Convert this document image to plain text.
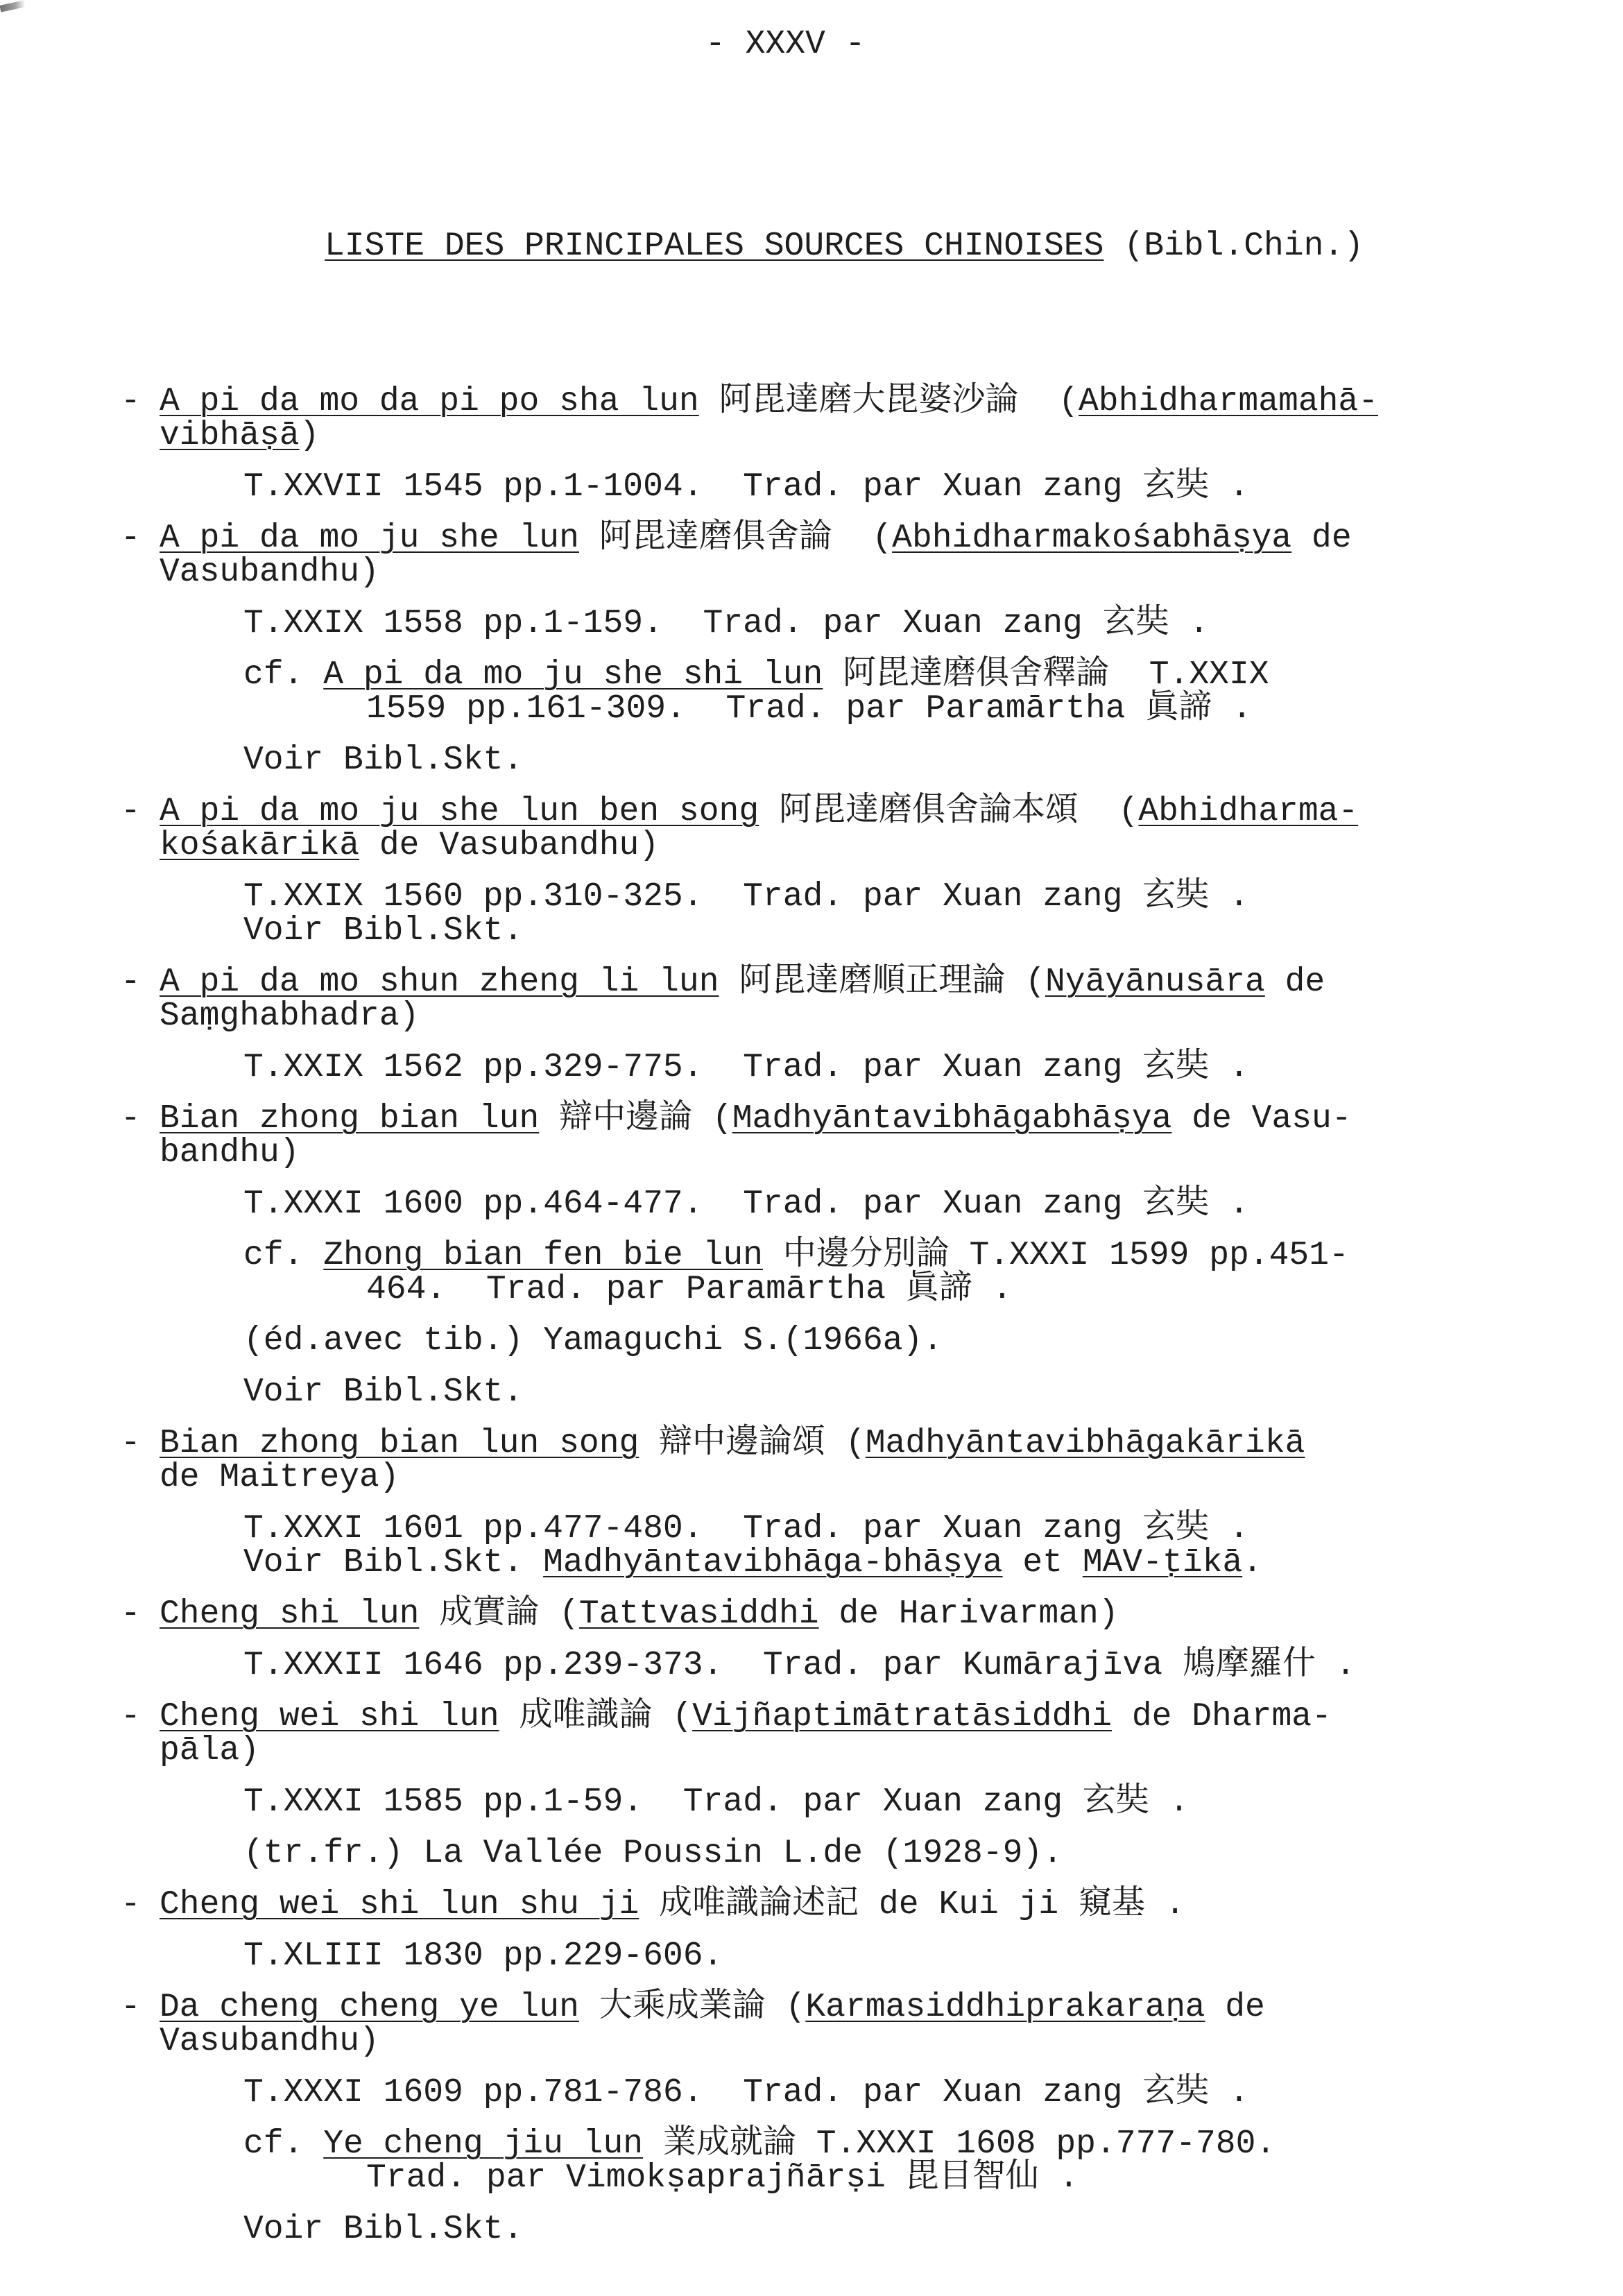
- XXXV -
LISTE DES PRINCIPALES SOURCES CHINOISES (Bibl.Chin.)
- A pi da mo da pi po sha lun 阿毘達磨大毘婆沙論  (Abhidharmamahā-
vibhāṣā)
T.XXVII 1545 pp.1-1004.  Trad. par Xuan zang 玄奘 .
- A pi da mo ju she lun 阿毘達磨俱舍論  (Abhidharmakośabhāṣya de
Vasubandhu)
T.XXIX 1558 pp.1-159.  Trad. par Xuan zang 玄奘 .
cf. A pi da mo ju she shi lun 阿毘達磨俱舍釋論  T.XXIX
1559 pp.161-309.  Trad. par Paramārtha 眞諦 .
Voir Bibl.Skt.
- A pi da mo ju she lun ben song 阿毘達磨俱舍論本頌  (Abhidharma-
kośakārikā de Vasubandhu)
T.XXIX 1560 pp.310-325.  Trad. par Xuan zang 玄奘 .
Voir Bibl.Skt.
- A pi da mo shun zheng li lun 阿毘達磨順正理論 (Nyāyānusāra de
Saṃghabhadra)
T.XXIX 1562 pp.329-775.  Trad. par Xuan zang 玄奘 .
- Bian zhong bian lun 辯中邊論 (Madhyāntavibhāgabhāṣya de Vasu-
bandhu)
T.XXXI 1600 pp.464-477.  Trad. par Xuan zang 玄奘 .
cf. Zhong bian fen bie lun 中邊分別論 T.XXXI 1599 pp.451-
464.  Trad. par Paramārtha 眞諦 .
(éd.avec tib.) Yamaguchi S.(1966a).
Voir Bibl.Skt.
- Bian zhong bian lun song 辯中邊論頌 (Madhyāntavibhāgakārikā
de Maitreya)
T.XXXI 1601 pp.477-480.  Trad. par Xuan zang 玄奘 .
Voir Bibl.Skt. Madhyāntavibhāga-bhāṣya et MAV-ṭīkā.
- Cheng shi lun 成實論 (Tattvasiddhi de Harivarman)
T.XXXII 1646 pp.239-373.  Trad. par Kumārajīva 鳩摩羅什 .
- Cheng wei shi lun 成唯識論 (Vijñaptimātratāsiddhi de Dharma-
pāla)
T.XXXI 1585 pp.1-59.  Trad. par Xuan zang 玄奘 .
(tr.fr.) La Vallée Poussin L.de (1928-9).
- Cheng wei shi lun shu ji 成唯識論述記 de Kui ji 窺基 .
T.XLIII 1830 pp.229-606.
- Da cheng cheng ye lun 大乘成業論 (Karmasiddhiprakaraṇa de
Vasubandhu)
T.XXXI 1609 pp.781-786.  Trad. par Xuan zang 玄奘 .
cf. Ye cheng jiu lun 業成就論 T.XXXI 1608 pp.777-780.
Trad. par Vimokṣaprajñārṣi 毘目智仙 .
Voir Bibl.Skt.
